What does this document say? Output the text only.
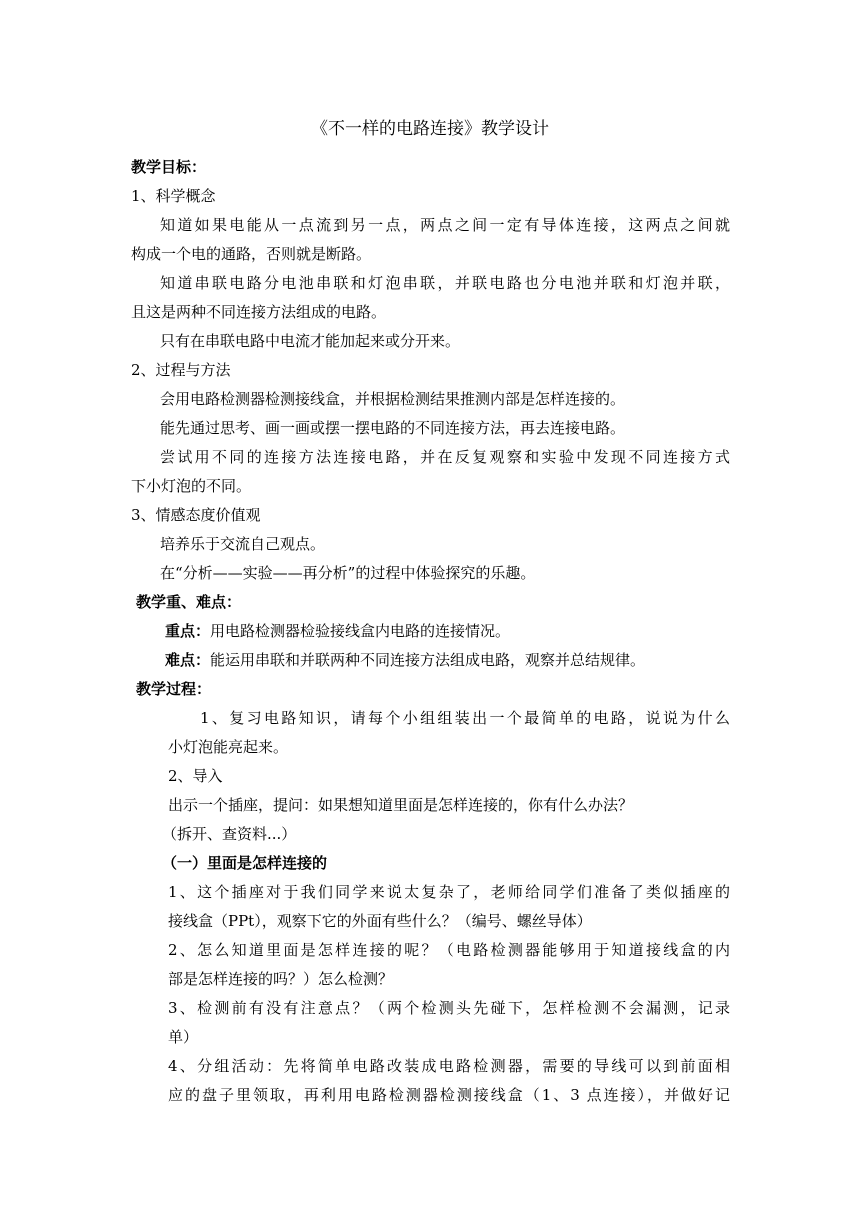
《不一样的电路连接》教学设计
教学目标：
1、科学概念
知道如果电能从一点流到另一点，两点之间一定有导体连接，这两点之间就
构成一个电的通路，否则就是断路。
知道串联电路分电池串联和灯泡串联，并联电路也分电池并联和灯泡并联，
且这是两种不同连接方法组成的电路。
只有在串联电路中电流才能加起来或分开来。
2、过程与方法
会用电路检测器检测接线盒，并根据检测结果推测内部是怎样连接的。
能先通过思考、画一画或摆一摆电路的不同连接方法，再去连接电路。
尝试用不同的连接方法连接电路，并在反复观察和实验中发现不同连接方式
下小灯泡的不同。
3、情感态度价值观
培养乐于交流自己观点。
在“分析——实验——再分析”的过程中体验探究的乐趣。
教学重、难点：
重点：用电路检测器检验接线盒内电路的连接情况。
难点：能运用串联和并联两种不同连接方法组成电路，观察并总结规律。
教学过程：
1、复习电路知识，请每个小组组装出一个最简单的电路，说说为什么
小灯泡能亮起来。
2、导入
出示一个插座，提问：如果想知道里面是怎样连接的，你有什么办法？
（拆开、查资料...）
（一）里面是怎样连接的
1、这个插座对于我们同学来说太复杂了，老师给同学们准备了类似插座的
接线盒（PPt），观察下它的外面有些什么？（编号、螺丝导体）
2、怎么知道里面是怎样连接的呢？（电路检测器能够用于知道接线盒的内
部是怎样连接的吗？）怎么检测？
3、检测前有没有注意点？（两个检测头先碰下，怎样检测不会漏测，记录
单）
4、分组活动：先将简单电路改装成电路检测器，需要的导线可以到前面相
应的盘子里领取，再利用电路检测器检测接线盒（1、3 点连接），并做好记
